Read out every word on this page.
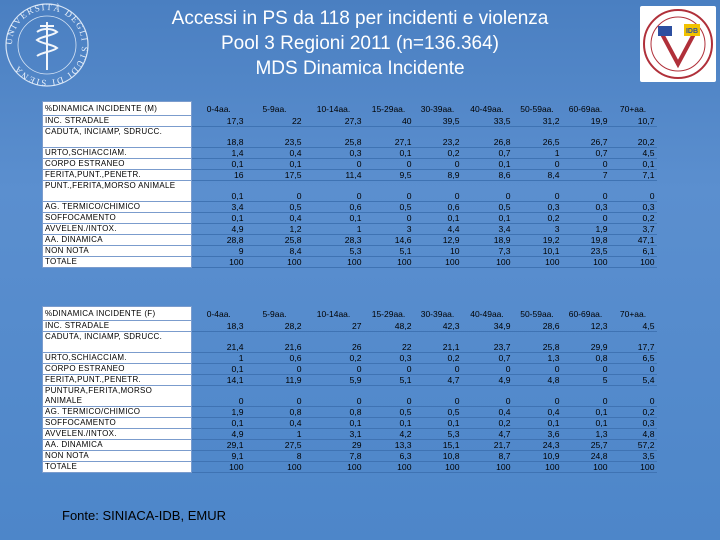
Accessi in PS da 118 per incidenti e violenza
Pool 3 Regioni 2011 (n=136.364)
MDS Dinamica Incidente
UNIVERSITÀ DEGLI STUDI DI SIENA
IDB
%DINAMICA INCIDENTE (M)	0-4aa.	5-9aa.	10-14aa.	15-29aa.	30-39aa.	40-49aa.	50-59aa.	60-69aa.	70+aa.
INC. STRADALE	17,3	22	27,3	40	39,5	33,5	31,2	19,9	10,7
CADUTA, INCIAMP, SDRUCC.	18,8	23,5	25,8	27,1	23,2	26,8	26,5	26,7	20,2
URTO,SCHIACCIAM.	1,4	0,4	0,3	0,1	0,2	0,7	1	0,7	4,5
CORPO ESTRANEO	0,1	0,1	0	0	0	0,1	0	0	0,1
FERITA,PUNT.,PENETR.	16	17,5	11,4	9,5	8,9	8,6	8,4	7	7,1
PUNT.,FERITA,MORSO ANIMALE	0,1	0	0	0	0	0	0	0	0
AG. TERMICO/CHIMICO	3,4	0,5	0,6	0,5	0,6	0,5	0,3	0,3	0,3
SOFFOCAMENTO	0,1	0,4	0,1	0	0,1	0,1	0,2	0	0,2
AVVELEN./INTOX.	4,9	1,2	1	3	4,4	3,4	3	1,9	3,7
AA. DINAMICA	28,8	25,8	28,3	14,6	12,9	18,9	19,2	19,8	47,1
NON NOTA	9	8,4	5,3	5,1	10	7,3	10,1	23,5	6,1
TOTALE	100	100	100	100	100	100	100	100	100
%DINAMICA INCIDENTE (F)	0-4aa.	5-9aa.	10-14aa.	15-29aa.	30-39aa.	40-49aa.	50-59aa.	60-69aa.	70+aa.
INC. STRADALE	18,3	28,2	27	48,2	42,3	34,9	28,6	12,3	4,5
CADUTA, INCIAMP, SDRUCC.	21,4	21,6	26	22	21,1	23,7	25,8	29,9	17,7
URTO,SCHIACCIAM.	1	0,6	0,2	0,3	0,2	0,7	1,3	0,8	6,5
CORPO ESTRANEO	0,1	0	0	0	0	0	0	0	0
FERITA,PUNT.,PENETR.	14,1	11,9	5,9	5,1	4,7	4,9	4,8	5	5,4
PUNTURA,FERITA,MORSO ANIMALE	0	0	0	0	0	0	0	0	0
AG. TERMICO/CHIMICO	1,9	0,8	0,8	0,5	0,5	0,4	0,4	0,1	0,2
SOFFOCAMENTO	0,1	0,4	0,1	0,1	0,1	0,2	0,1	0,1	0,3
AVVELEN./INTOX.	4,9	1	3,1	4,2	5,3	4,7	3,6	1,3	4,8
AA. DINAMICA	29,1	27,5	29	13,3	15,1	21,7	24,3	25,7	57,2
NON NOTA	9,1	8	7,8	6,3	10,8	8,7	10,9	24,8	3,5
TOTALE	100	100	100	100	100	100	100	100	100
Fonte: SINIACA-IDB, EMUR
